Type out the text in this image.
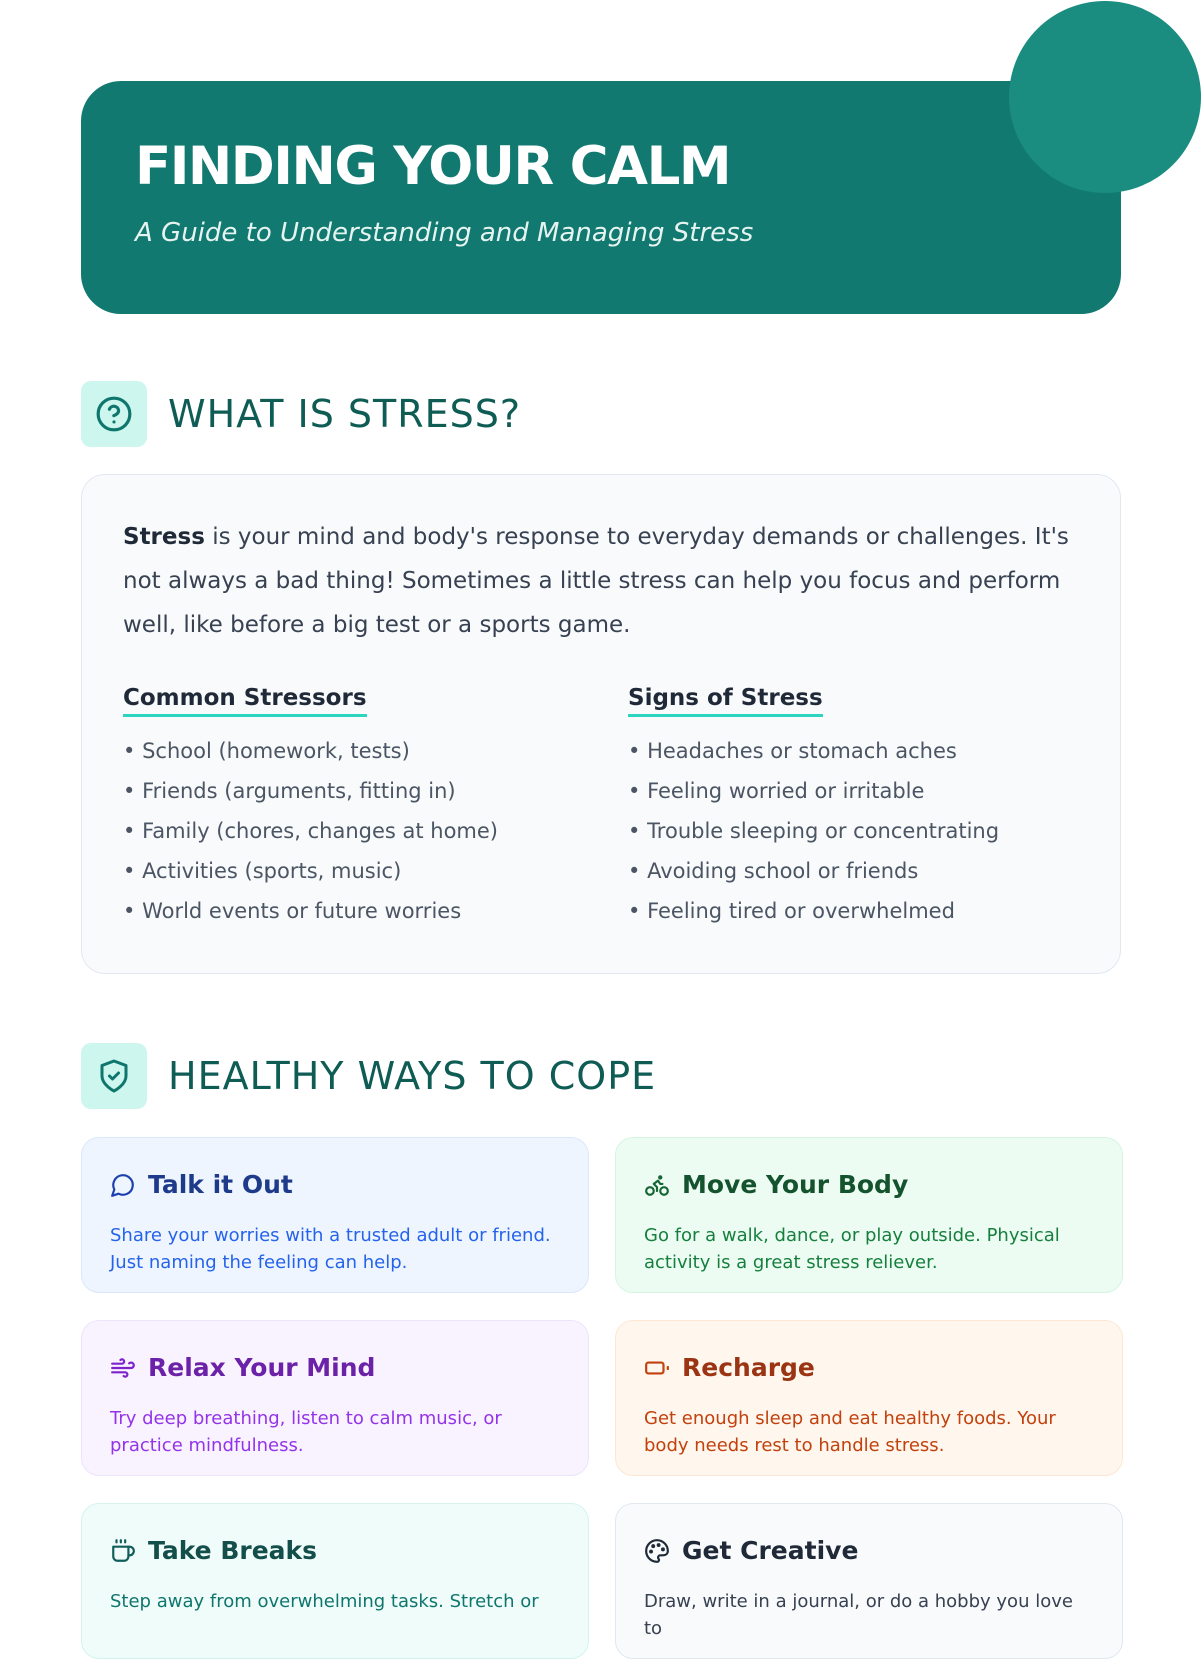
FINDING YOUR CALM
A Guide to Understanding and Managing Stress
WHAT IS STRESS?

Stress is your mind and body's response to everyday demands or challenges. It's not always a bad thing! Sometimes a little stress can help you focus and perform well, like before a big test or a sports game.

Common Stressors
• School (homework, tests)
• Friends (arguments, fitting in)
• Family (chores, changes at home)
• Activities (sports, music)
• World events or future worries
Signs of Stress
• Headaches or stomach aches
• Feeling worried or irritable
• Trouble sleeping or concentrating
• Avoiding school or friends
• Feeling tired or overwhelmed
HEALTHY WAYS TO COPE
Talk it Out

Share your worries with a trusted adult or friend. Just naming the feeling can help.

Move Your Body

Go for a walk, dance, or play outside. Physical activity is a great stress reliever.

Relax Your Mind

Try deep breathing, listen to calm music, or practice mindfulness.

Recharge

Get enough sleep and eat healthy foods. Your body needs rest to handle stress.

Take Breaks

Step away from overwhelming tasks. Stretch or

Get Creative

Draw, write in a journal, or do a hobby you love to
